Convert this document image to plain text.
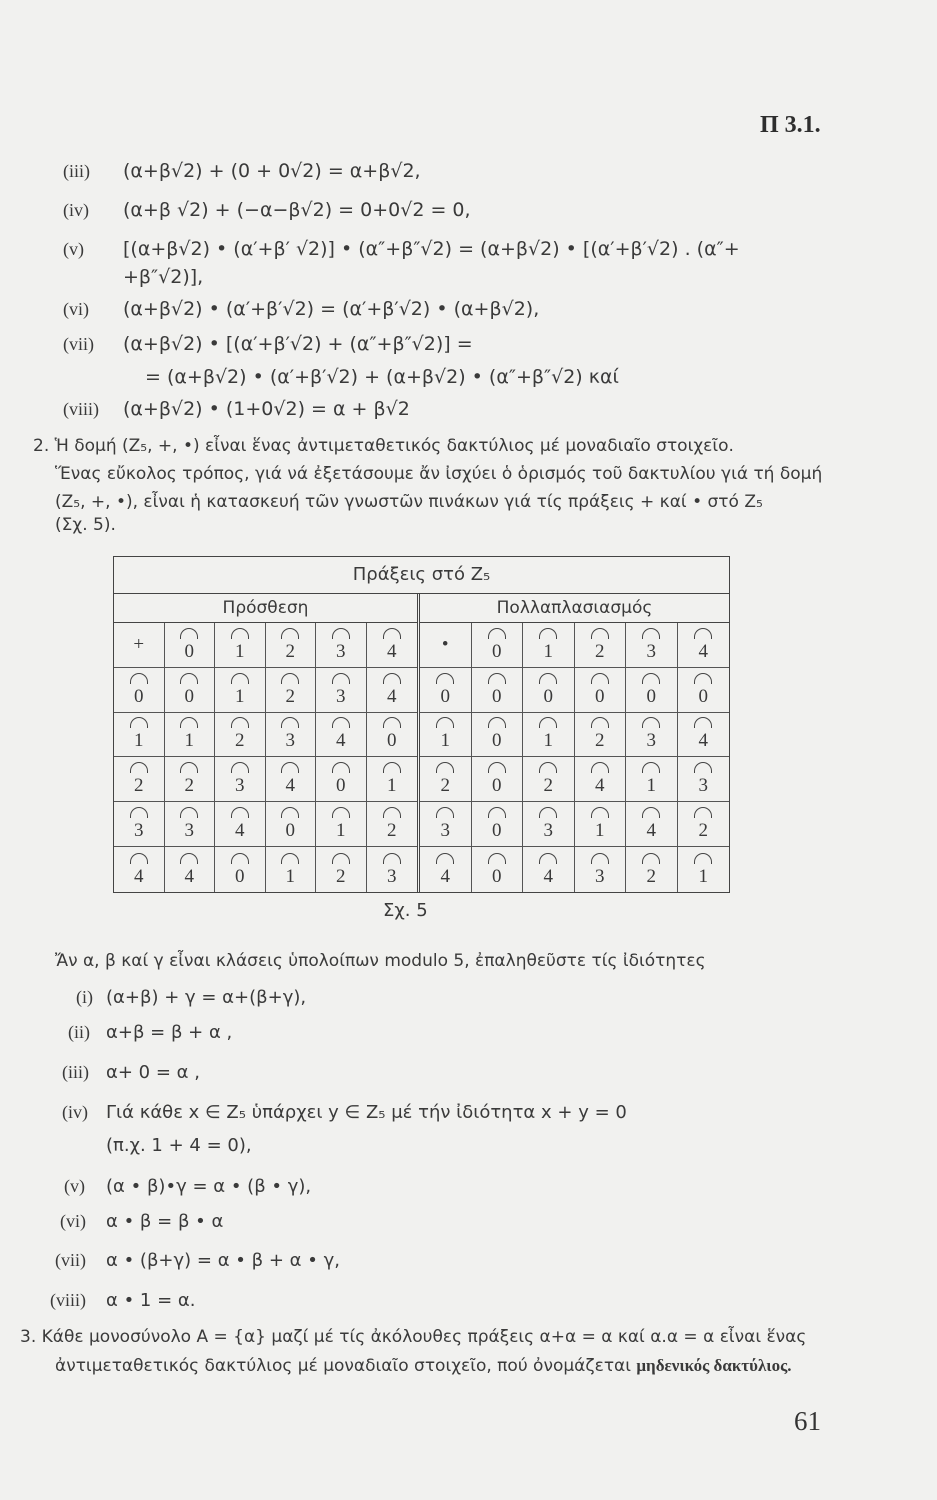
Π 3.1.
(iii) (α+β√2) + (0 + 0√2) = α+β√2,
(iv) (α+β √2) + (−α−β√2) = 0+0√2 = 0,
(v) [(α+β√2) • (α′+β′ √2)] • (α″+β″√2) = (α+β√2) • [(α′+β′√2) . (α″+
+β″√2)],
(vi) (α+β√2) • (α′+β′√2) = (α′+β′√2) • (α+β√2),
(vii) (α+β√2) • [(α′+β′√2) + (α″+β″√2)] =
= (α+β√2) • (α′+β′√2) + (α+β√2) • (α″+β″√2) καί
(viii) (α+β√2) • (1+0√2) = α + β√2
2. Ἡ δομή (Z₅, +, •) εἶναι ἕνας ἀντιμεταθετικός δακτύλιος μέ μοναδιαῖο στοιχεῖο.
Ἕνας εὔκολος τρόπος, γιά νά ἐξετάσουμε ἄν ἰσχύει ὁ ὁρισμός τοῦ δακτυλίου γιά τή δομή
(Z₅, +, •), εἶναι ἡ κατασκευή τῶν γνωστῶν πινάκων γιά τίς πράξεις + καί • στό Z₅
(Σχ. 5).
Πράξεις στό Z₅
Πρόσθεση	Πολλαπλασιασμός
+ 0 1 2 3 4
0 0 1 2 3 4
1 1 2 3 4 0
2 2 3 4 0 1
3 3 4 0 1 2
4 4 0 1 2 3
• 0 1 2 3 4
0 0 0 0 0 0
1 0 1 2 3 4
2 0 2 4 1 3
3 0 3 1 4 2
4 0 4 3 2 1
Σχ. 5
Ἄν α, β καί γ εἶναι κλάσεις ὑπολοίπων modulo 5, ἐπαληθεῦστε τίς ἰδιότητες
(i) (α+β) + γ = α+(β+γ),
(ii) α+β = β + α ,
(iii) α+ 0 = α ,
(iv) Γιά κάθε x ∈ Z₅ ὑπάρχει y ∈ Z₅ μέ τήν ἰδιότητα x + y = 0
(π.χ. 1 + 4 = 0),
(v) (α • β)•γ = α • (β • γ),
(vi) α • β = β • α
(vii) α • (β+γ) = α • β + α • γ,
(viii) α • 1 = α.
3. Κάθε μονοσύνολο A = {α} μαζί μέ τίς ἀκόλουθες πράξεις α+α = α καί α.α = α εἶναι ἕνας
ἀντιμεταθετικός δακτύλιος μέ μοναδιαῖο στοιχεῖο, πού ὀνομάζεται μηδενικός δακτύλιος.
61
